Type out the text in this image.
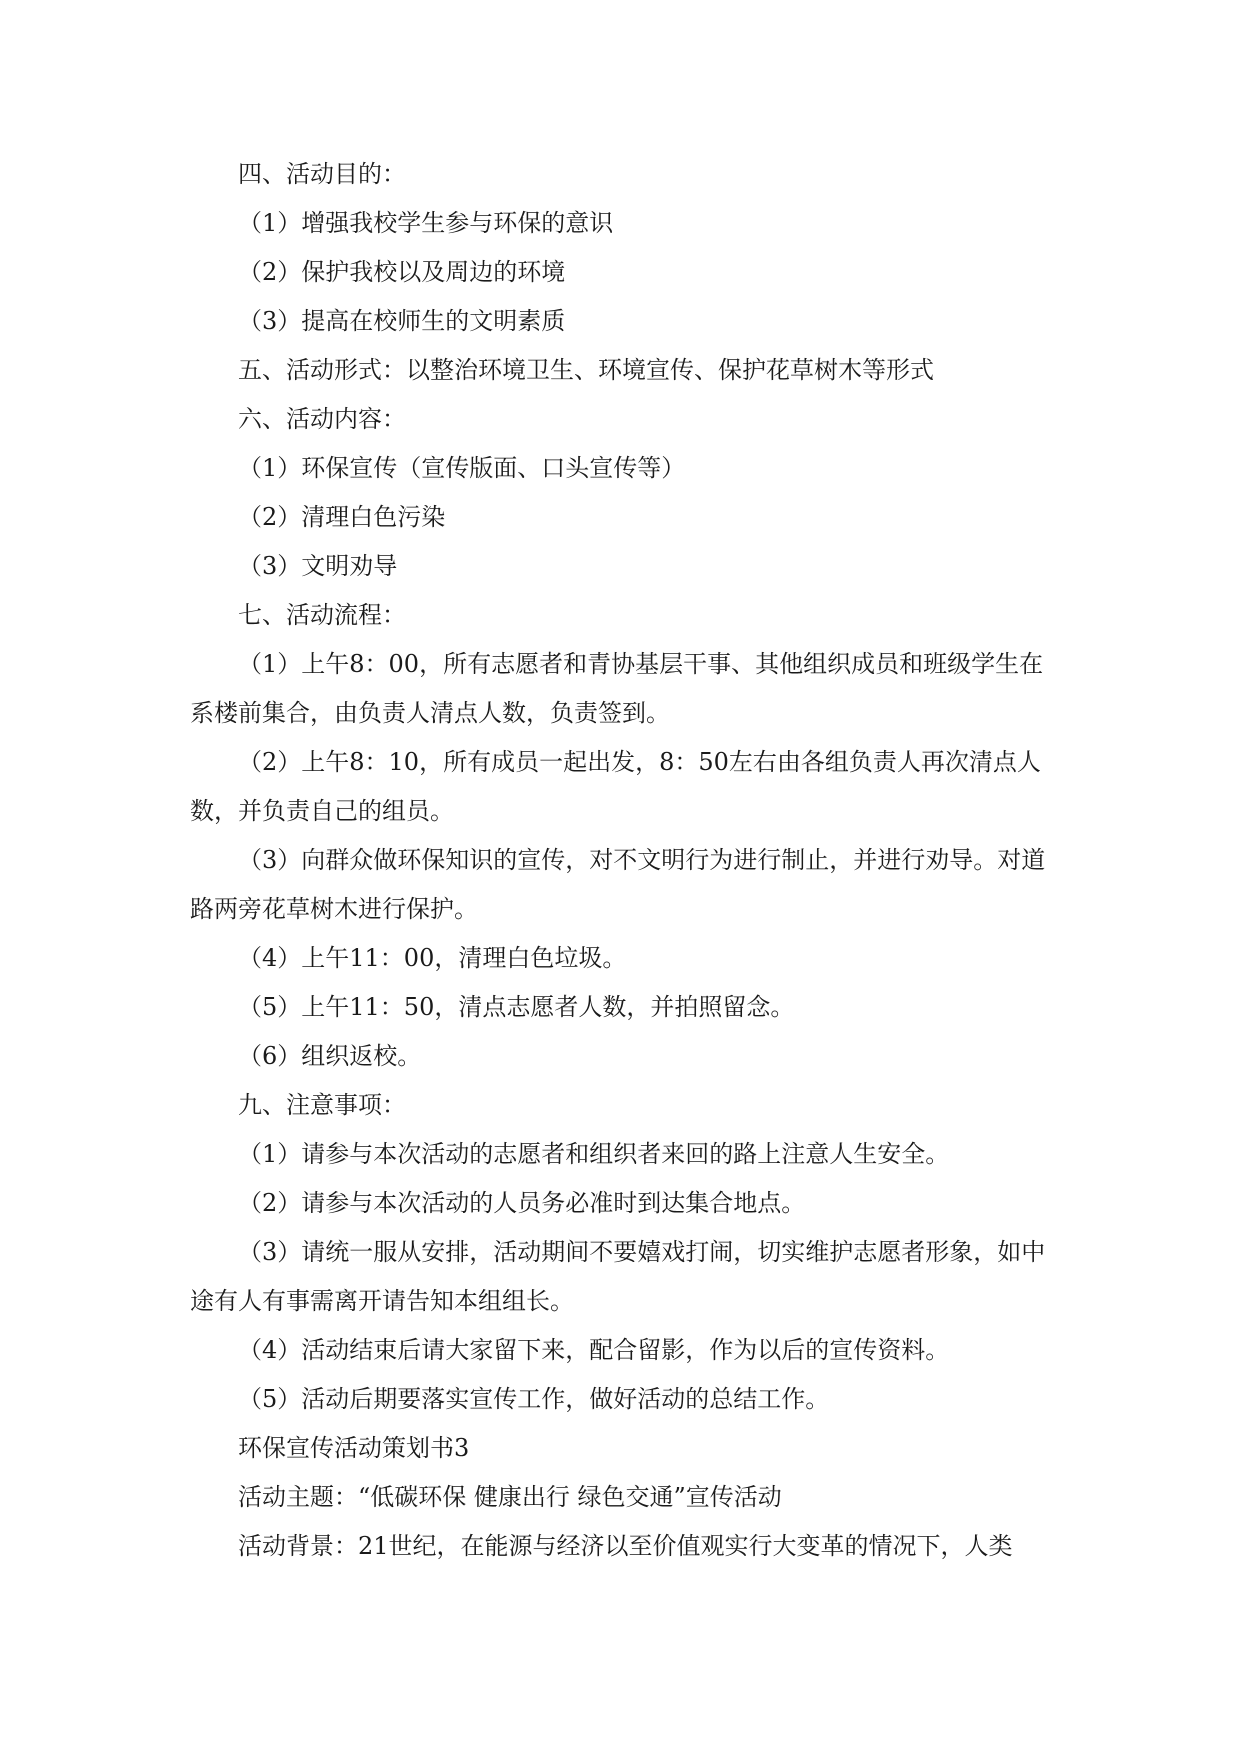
四、活动目的：

（1）增强我校学生参与环保的意识

（2）保护我校以及周边的环境

（3）提高在校师生的文明素质

五、活动形式：以整治环境卫生、环境宣传、保护花草树木等形式

六、活动内容：

（1）环保宣传（宣传版面、口头宣传等）

（2）清理白色污染

（3）文明劝导

七、活动流程：

（1）上午8：00，所有志愿者和青协基层干事、其他组织成员和班级学生在系楼前集合，由负责人清点人数，负责签到。

（2）上午8：10，所有成员一起出发，8：50左右由各组负责人再次清点人数，并负责自己的组员。

（3）向群众做环保知识的宣传，对不文明行为进行制止，并进行劝导。对道路两旁花草树木进行保护。

（4）上午11：00，清理白色垃圾。

（5）上午11：50，清点志愿者人数，并拍照留念。

（6）组织返校。

九、注意事项：

（1）请参与本次活动的志愿者和组织者来回的路上注意人生安全。

（2）请参与本次活动的人员务必准时到达集合地点。

（3）请统一服从安排，活动期间不要嬉戏打闹，切实维护志愿者形象，如中途有人有事需离开请告知本组组长。

（4）活动结束后请大家留下来，配合留影，作为以后的宣传资料。

（5）活动后期要落实宣传工作，做好活动的总结工作。

环保宣传活动策划书3

活动主题：“低碳环保 健康出行 绿色交通”宣传活动

活动背景：21世纪，在能源与经济以至价值观实行大变革的情况下，人类
